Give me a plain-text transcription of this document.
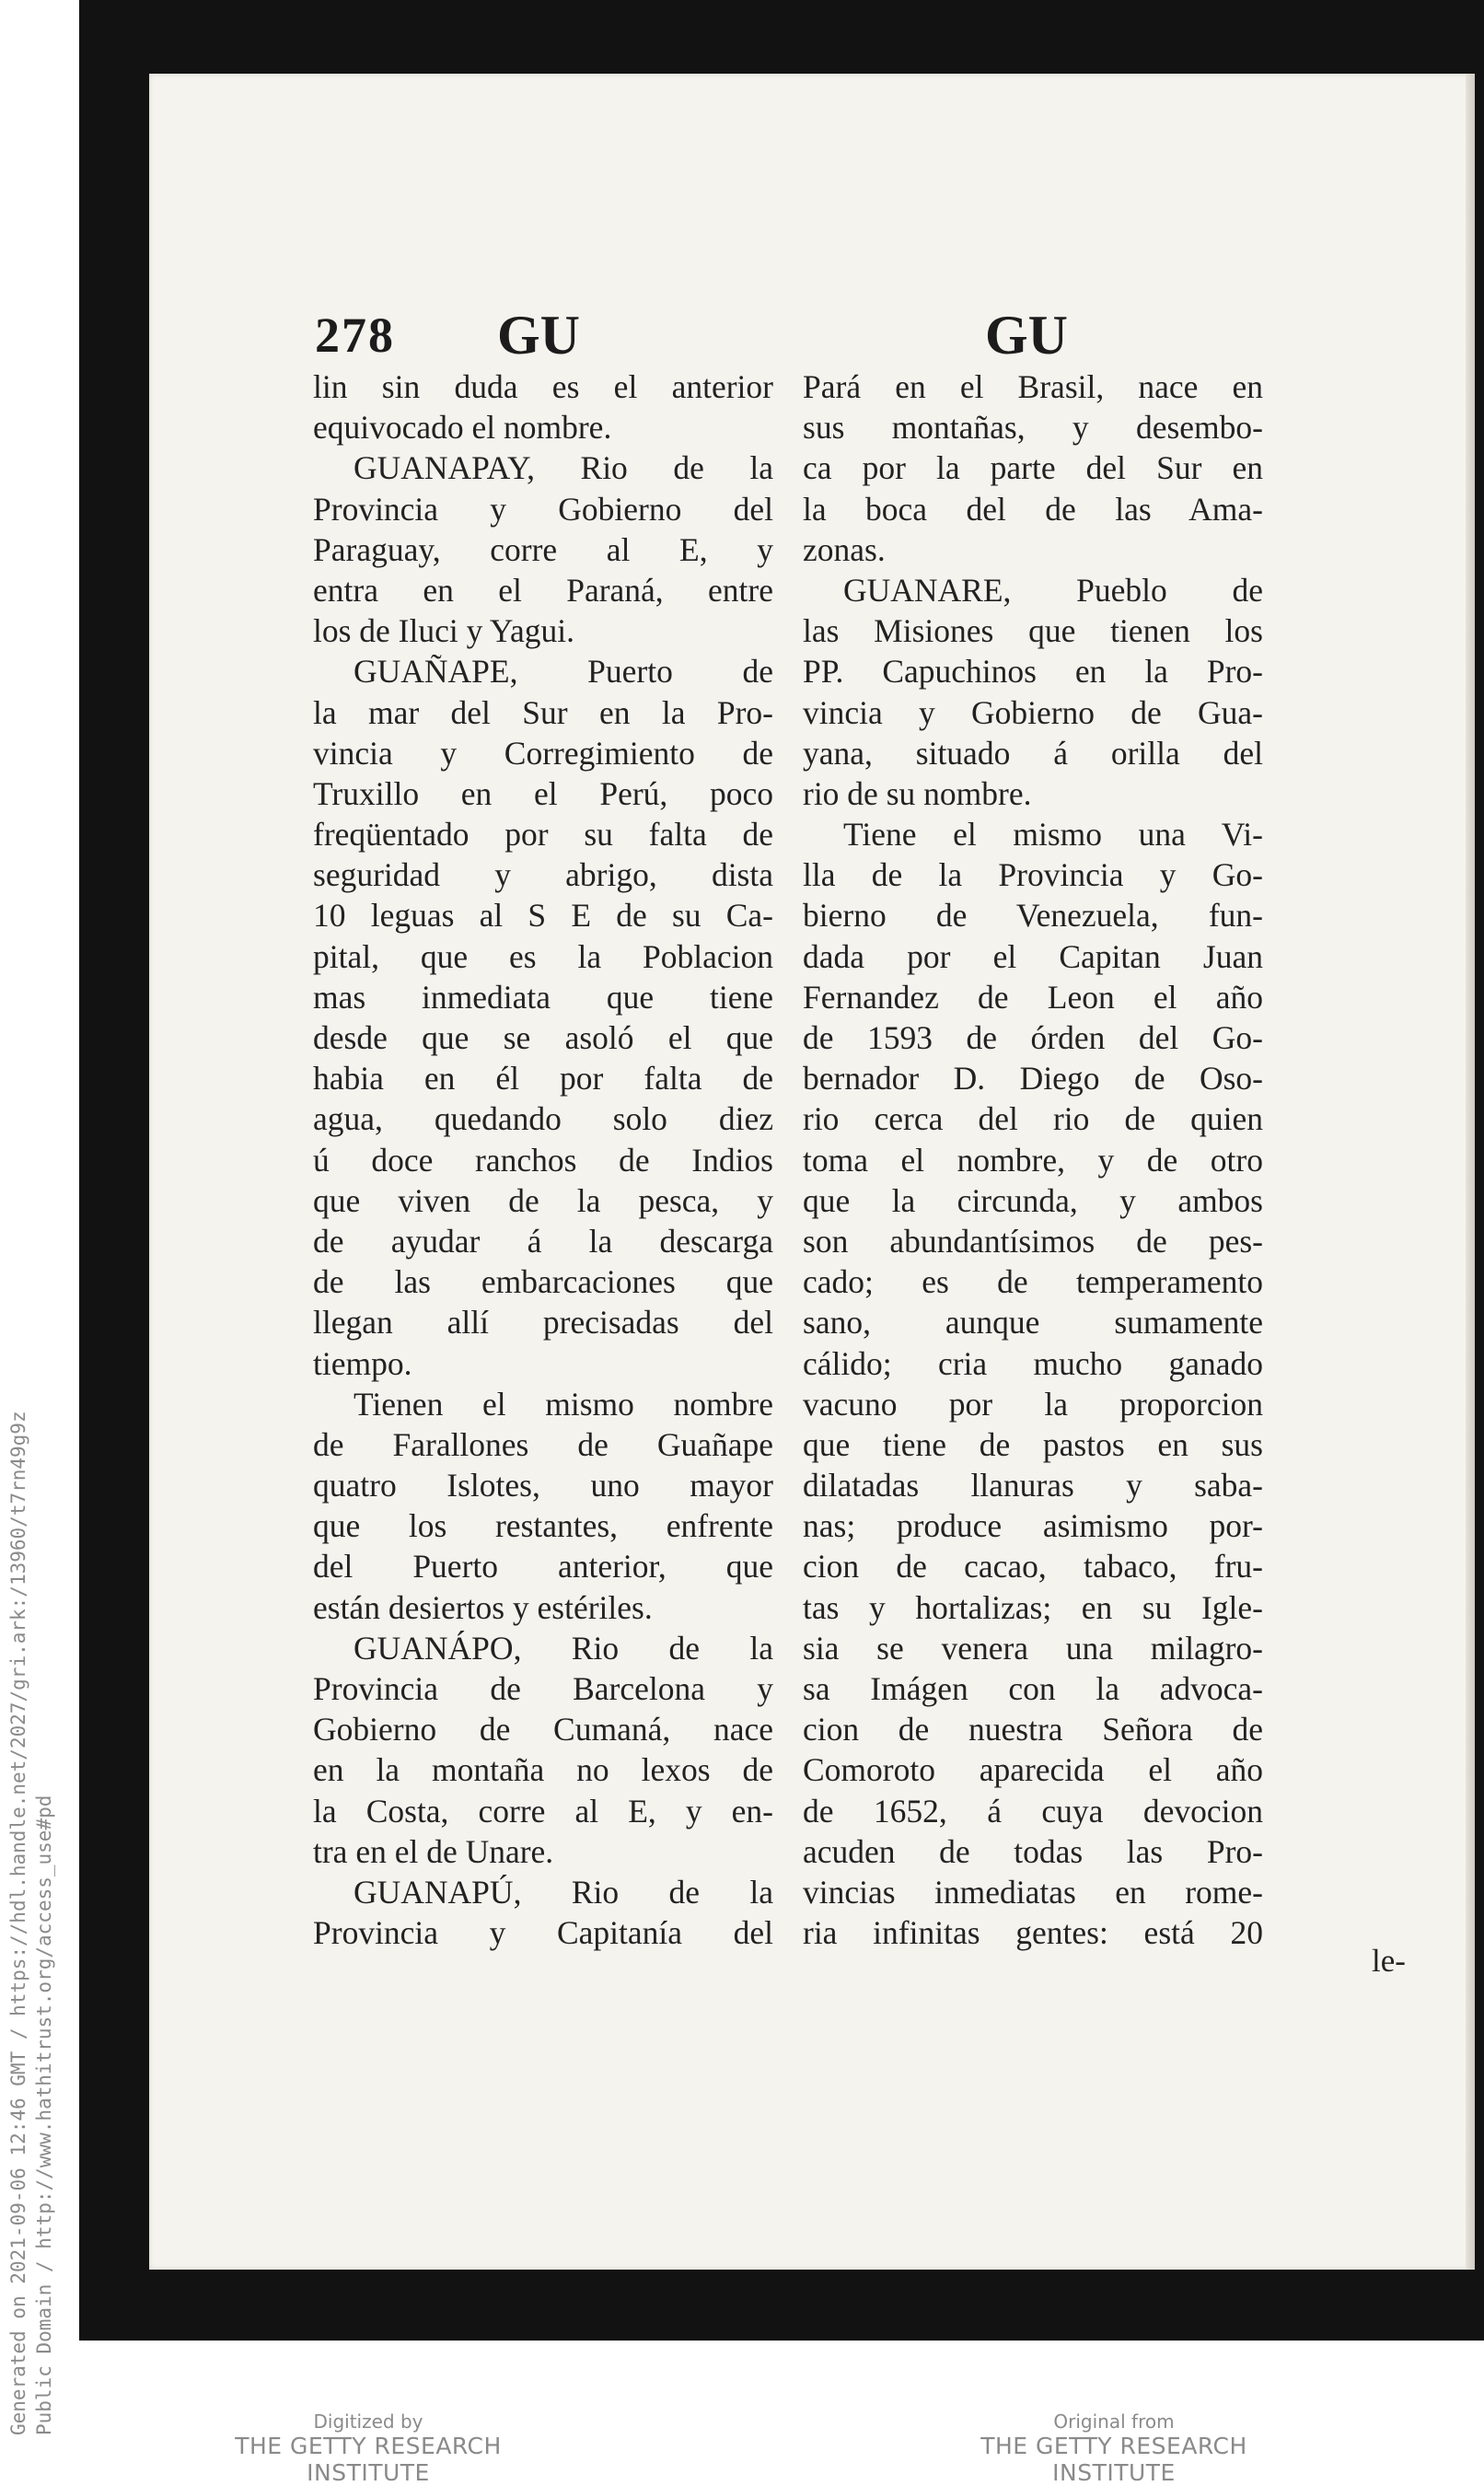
278 GU	GU
lin sin duda es el anterior
equivocado el nombre.
GUANAPAY, Rio de la
Provincia y Gobierno del
Paraguay, corre al E, y
entra en el Paraná, entre
los de Iluci y Yagui.
GUAÑAPE, Puerto de
la mar del Sur en la Pro-
vincia y Corregimiento de
Truxillo en el Perú, poco
freqüentado por su falta de
seguridad y abrigo, dista
10 leguas al S E de su Ca-
pital, que es la Poblacion
mas inmediata que tiene
desde que se asoló el que
habia en él por falta de
agua, quedando solo diez
ú doce ranchos de Indios
que viven de la pesca, y
de ayudar á la descarga
de las embarcaciones que
llegan allí precisadas del
tiempo.
Tienen el mismo nombre
de Farallones de Guañape
quatro Islotes, uno mayor
que los restantes, enfrente
del Puerto anterior, que
están desiertos y estériles.
GUANÁPO, Rio de la
Provincia de Barcelona y
Gobierno de Cumaná, nace
en la montaña no lexos de
la Costa, corre al E, y en-
tra en el de Unare.
GUANAPÚ, Rio de la
Provincia y Capitanía del
Pará en el Brasil, nace en
sus montañas, y desembo-
ca por la parte del Sur en
la boca del de las Ama-
zonas.
GUANARE, Pueblo de
las Misiones que tienen los
PP. Capuchinos en la Pro-
vincia y Gobierno de Gua-
yana, situado á orilla del
rio de su nombre.
Tiene el mismo una Vi-
lla de la Provincia y Go-
bierno de Venezuela, fun-
dada por el Capitan Juan
Fernandez de Leon el año
de 1593 de órden del Go-
bernador D. Diego de Oso-
rio cerca del rio de quien
toma el nombre, y de otro
que la circunda, y ambos
son abundantísimos de pes-
cado; es de temperamento
sano, aunque sumamente
cálido; cria mucho ganado
vacuno por la proporcion
que tiene de pastos en sus
dilatadas llanuras y saba-
nas; produce asimismo por-
cion de cacao, tabaco, fru-
tas y hortalizas; en su Igle-
sia se venera una milagro-
sa Imágen con la advoca-
cion de nuestra Señora de
Comoroto aparecida el año
de 1652, á cuya devocion
acuden de todas las Pro-
vincias inmediatas en rome-
ria infinitas gentes: está 20
le-
Generated on 2021-09-06 12:46 GMT / https://hdl.handle.net/2027/gri.ark:/13960/t7rn49g9z Public Domain / http://www.hathitrust.org/access_use#pd	Digitized by
THE GETTY RESEARCH INSTITUTE
Original from
THE GETTY RESEARCH INSTITUTE
